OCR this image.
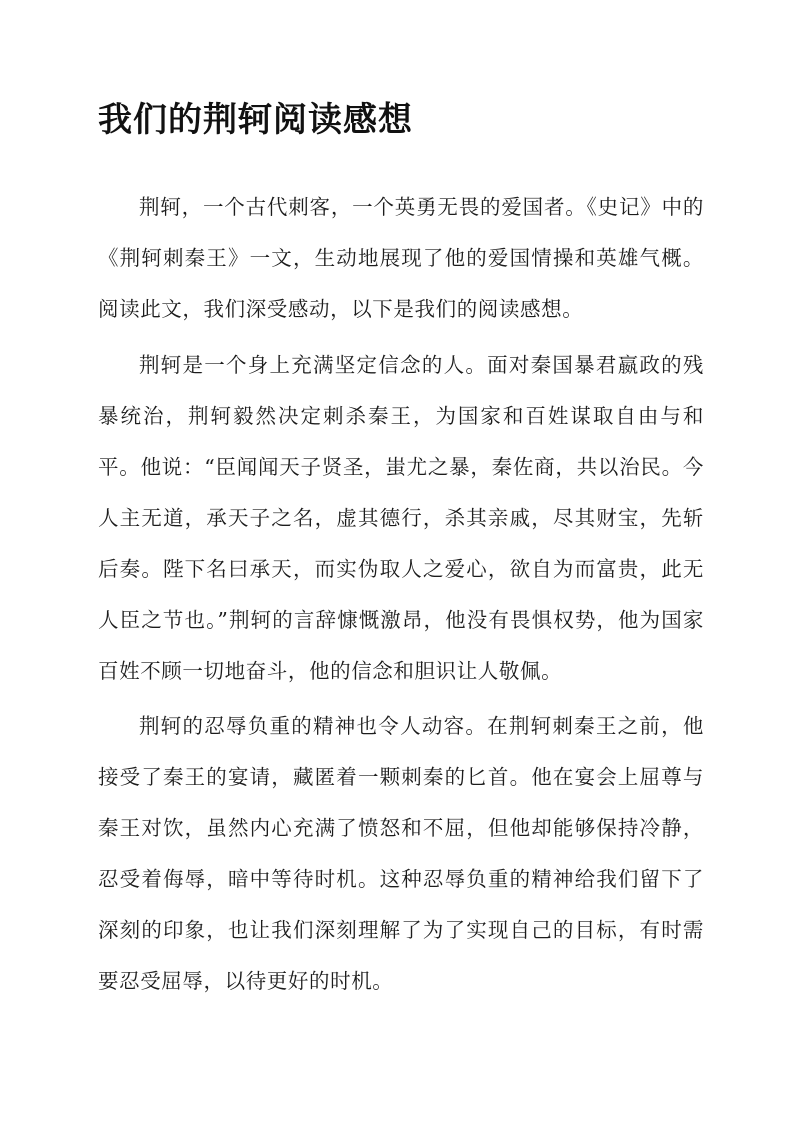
我们的荆轲阅读感想

荆轲，一个古代刺客，一个英勇无畏的爱国者。《史记》中的《荆轲刺秦王》一文，生动地展现了他的爱国情操和英雄气概。阅读此文，我们深受感动，以下是我们的阅读感想。

荆轲是一个身上充满坚定信念的人。面对秦国暴君嬴政的残暴统治，荆轲毅然决定刺杀秦王，为国家和百姓谋取自由与和平。他说：“臣闻闻天子贤圣，蚩尤之暴，秦佐商，共以治民。今人主无道，承天子之名，虚其德行，杀其亲戚，尽其财宝，先斩后奏。陛下名曰承天，而实伪取人之爱心，欲自为而富贵，此无人臣之节也。”荆轲的言辞慷慨激昂，他没有畏惧权势，他为国家百姓不顾一切地奋斗，他的信念和胆识让人敬佩。

荆轲的忍辱负重的精神也令人动容。在荆轲刺秦王之前，他接受了秦王的宴请，藏匿着一颗刺秦的匕首。他在宴会上屈尊与秦王对饮，虽然内心充满了愤怒和不屈，但他却能够保持冷静，忍受着侮辱，暗中等待时机。这种忍辱负重的精神给我们留下了深刻的印象，也让我们深刻理解了为了实现自己的目标，有时需要忍受屈辱，以待更好的时机。
